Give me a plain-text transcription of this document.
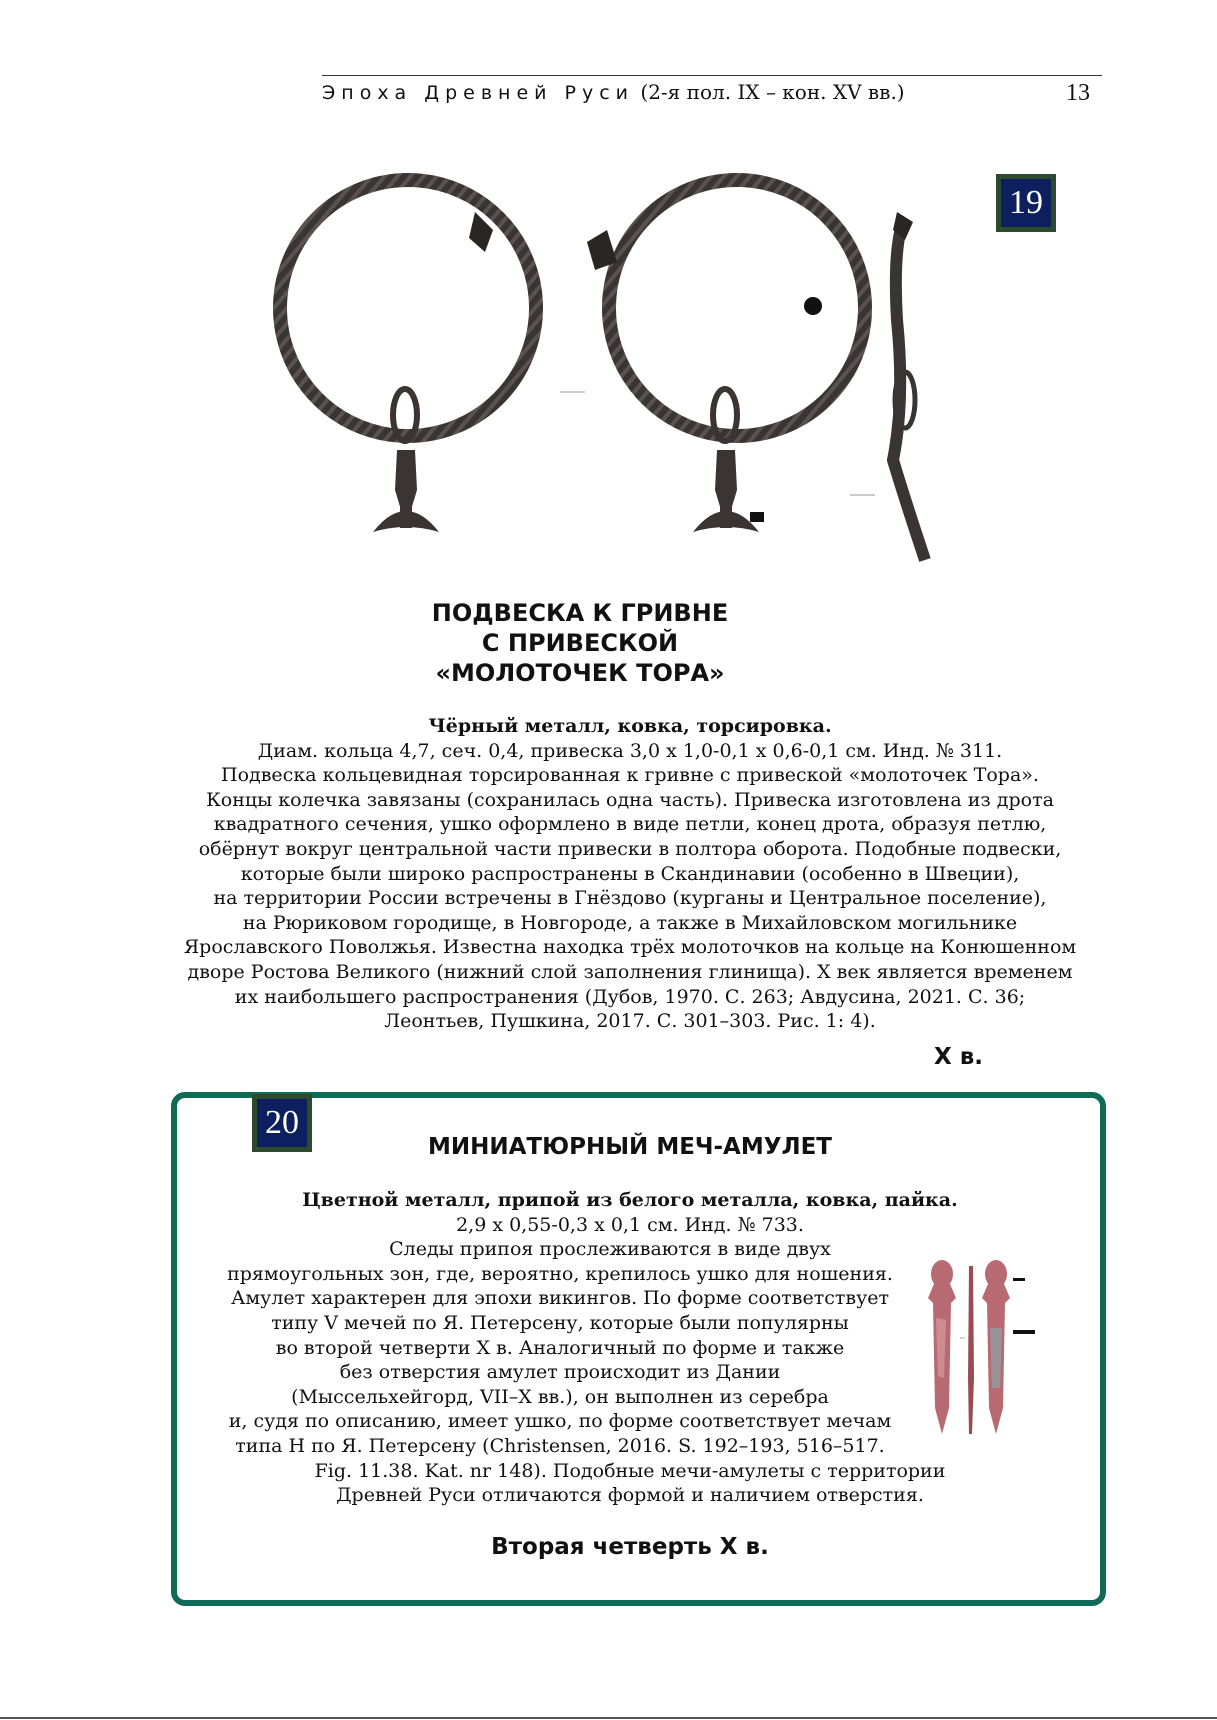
Эпоха Древней Руси (2-я пол. IX – кон. XV вв.)	13
19
ПОДВЕСКА К ГРИВНЕ
С ПРИВЕСКОЙ
«МОЛОТОЧЕК ТОРА»
Чёрный металл, ковка, торсировка.
Диам. кольца 4,7, сеч. 0,4, привеска 3,0 х 1,0-0,1 х 0,6-0,1 см. Инд. № 311.
Подвеска кольцевидная торсированная к гривне с привеской «молоточек Тора».
Концы колечка завязаны (сохранилась одна часть). Привеска изготовлена из дрота
квадратного сечения, ушко оформлено в виде петли, конец дрота, образуя петлю,
обёрнут вокруг центральной части привески в полтора оборота. Подобные подвески,
которые были широко распространены в Скандинавии (особенно в Швеции),
на территории России встречены в Гнёздово (курганы и Центральное поселение),
на Рюриковом городище, в Новгороде, а также в Михайловском могильнике
Ярославского Поволжья. Известна находка трёх молоточков на кольце на Конюшенном
дворе Ростова Великого (нижний слой заполнения глинища). X век является временем
их наибольшего распространения (Дубов, 1970. С. 263; Авдусина, 2021. С. 36;
Леонтьев, Пушкина, 2017. С. 301–303. Рис. 1: 4).
X в.
20
МИНИАТЮРНЫЙ МЕЧ-АМУЛЕТ
Цветной металл, припой из белого металла, ковка, пайка.
2,9 х 0,55-0,3 х 0,1 см. Инд. № 733.
Следы припоя прослеживаются в виде двух
прямоугольных зон, где, вероятно, крепилось ушко для ношения.
Амулет характерен для эпохи викингов. По форме соответствует
типу V мечей по Я. Петерсену, которые были популярны
во второй четверти X в. Аналогичный по форме и также
без отверстия амулет происходит из Дании
(Мыссельхейгорд, VII–X вв.), он выполнен из серебра
и, судя по описанию, имеет ушко, по форме соответствует мечам
типа H по Я. Петерсену (Christensen, 2016. S. 192–193, 516–517.
Fig. 11.38. Kat. nr 148). Подобные мечи-амулеты с территории
Древней Руси отличаются формой и наличием отверстия.
Вторая четверть X в.
